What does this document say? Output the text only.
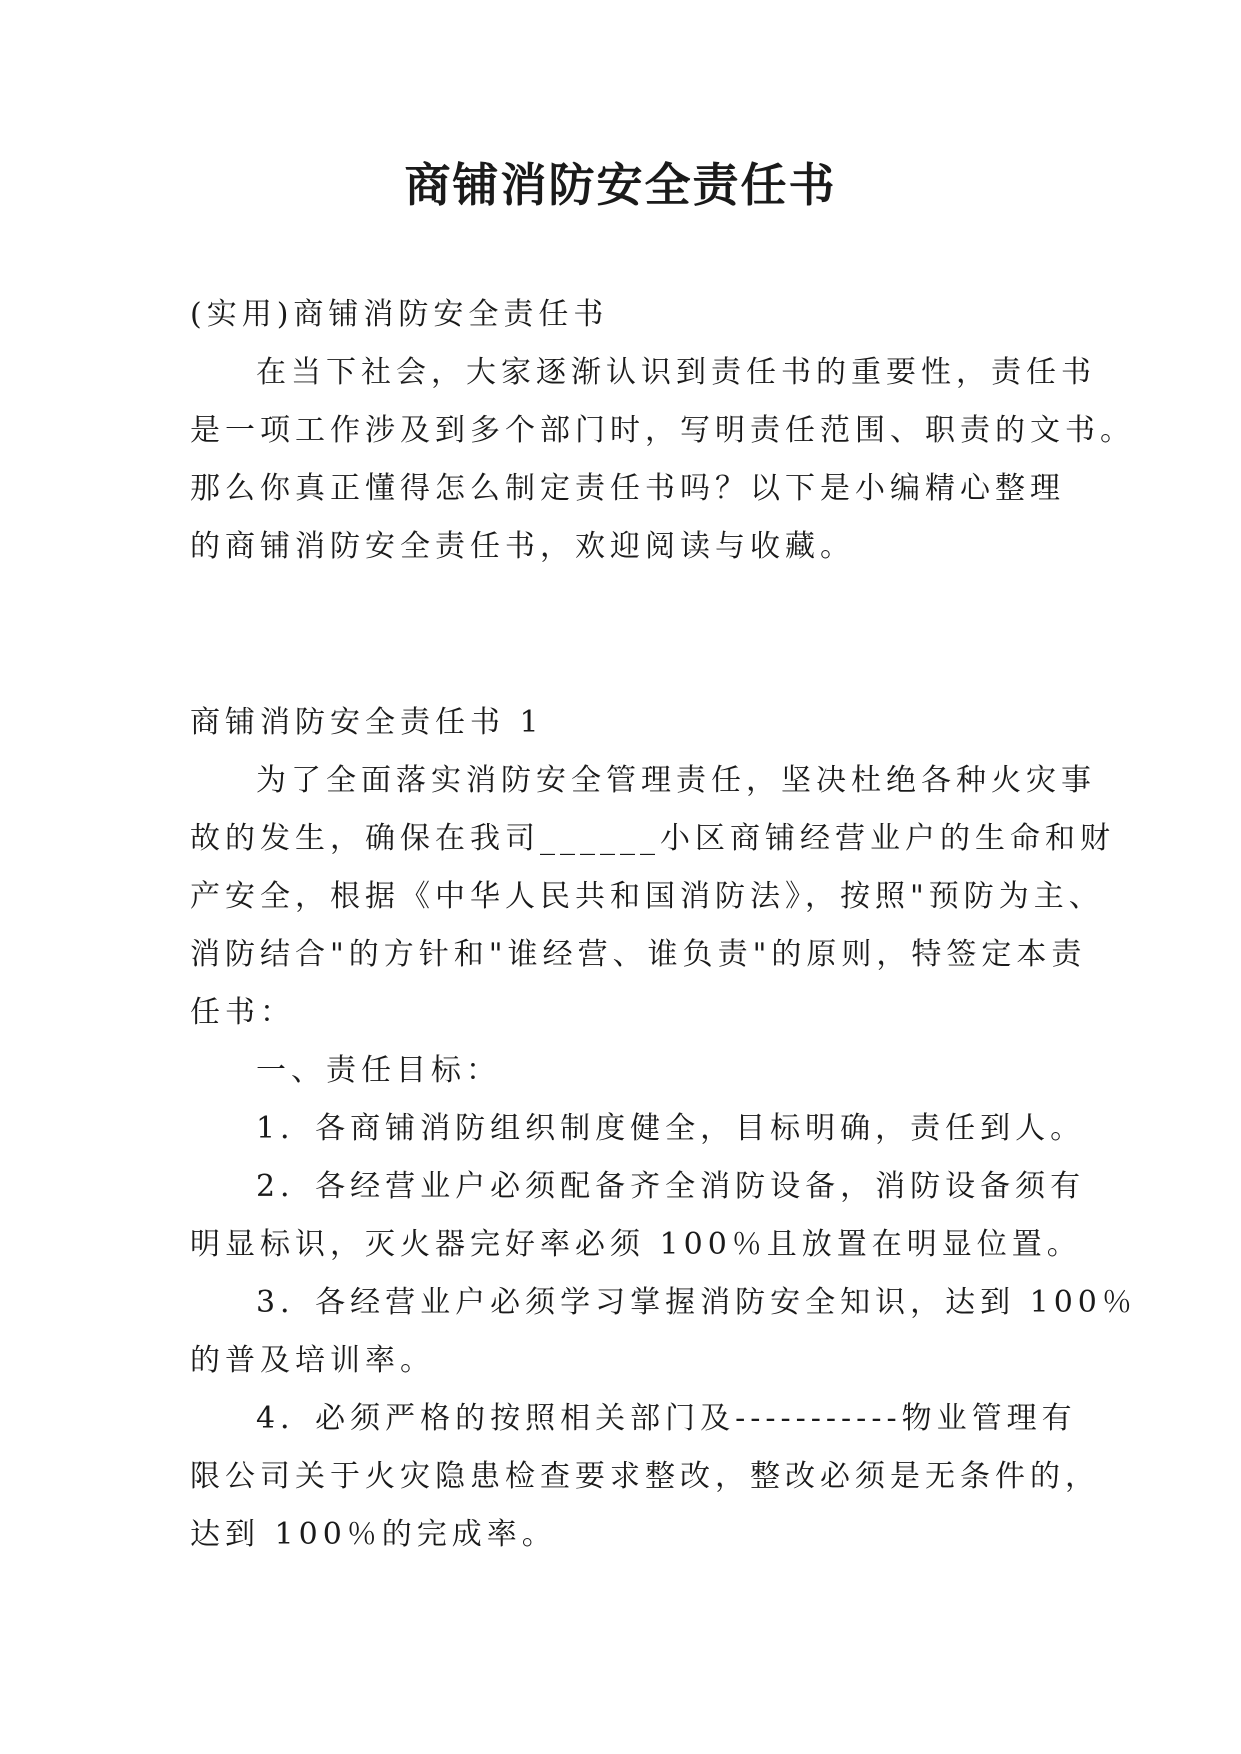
商铺消防安全责任书

(实用)商铺消防安全责任书

在当下社会，大家逐渐认识到责任书的重要性，责任书

是一项工作涉及到多个部门时，写明责任范围、职责的文书。

那么你真正懂得怎么制定责任书吗？以下是小编精心整理

的商铺消防安全责任书，欢迎阅读与收藏。

商铺消防安全责任书 1

为了全面落实消防安全管理责任，坚决杜绝各种火灾事

故的发生，确保在我司______小区商铺经营业户的生命和财

产安全，根据《中华人民共和国消防法》，按照"预防为主、

消防结合"的方针和"谁经营、谁负责"的原则，特签定本责

任书：

一、责任目标：

1．各商铺消防组织制度健全，目标明确，责任到人。

2．各经营业户必须配备齐全消防设备，消防设备须有

明显标识，灭火器完好率必须 100％且放置在明显位置。

3．各经营业户必须学习掌握消防安全知识，达到 100％

的普及培训率。

4．必须严格的按照相关部门及-----------物业管理有

限公司关于火灾隐患检查要求整改，整改必须是无条件的，

达到 100％的完成率。
